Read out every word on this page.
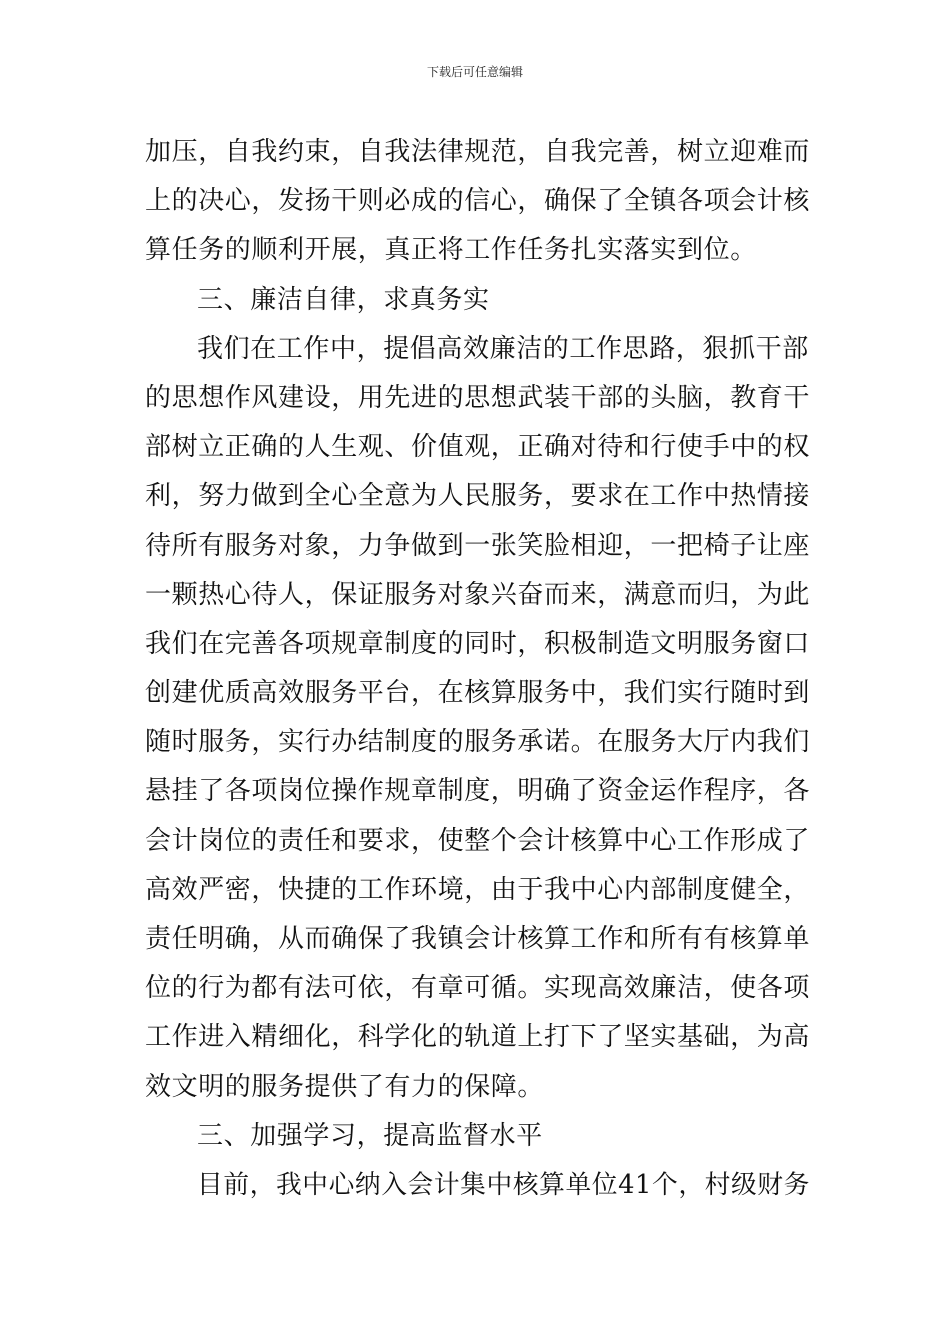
下载后可任意编辑
加压，自我约束，自我法律规范，自我完善，树立迎难而
上的决心，发扬干则必成的信心，确保了全镇各项会计核
算任务的顺利开展，真正将工作任务扎实落实到位。
三、廉洁自律，求真务实
我们在工作中，提倡高效廉洁的工作思路，狠抓干部
的思想作风建设，用先进的思想武装干部的头脑，教育干
部树立正确的人生观、价值观，正确对待和行使手中的权
利，努力做到全心全意为人民服务，要求在工作中热情接
待所有服务对象，力争做到一张笑脸相迎，一把椅子让座
一颗热心待人，保证服务对象兴奋而来，满意而归，为此
我们在完善各项规章制度的同时，积极制造文明服务窗口
创建优质高效服务平台，在核算服务中，我们实行随时到
随时服务，实行办结制度的服务承诺。在服务大厅内我们
悬挂了各项岗位操作规章制度，明确了资金运作程序，各
会计岗位的责任和要求，使整个会计核算中心工作形成了
高效严密，快捷的工作环境，由于我中心内部制度健全，
责任明确，从而确保了我镇会计核算工作和所有有核算单
位的行为都有法可依，有章可循。实现高效廉洁，使各项
工作进入精细化，科学化的轨道上打下了坚实基础，为高
效文明的服务提供了有力的保障。
三、加强学习，提高监督水平
目前，我中心纳入会计集中核算单位41个，村级财务
